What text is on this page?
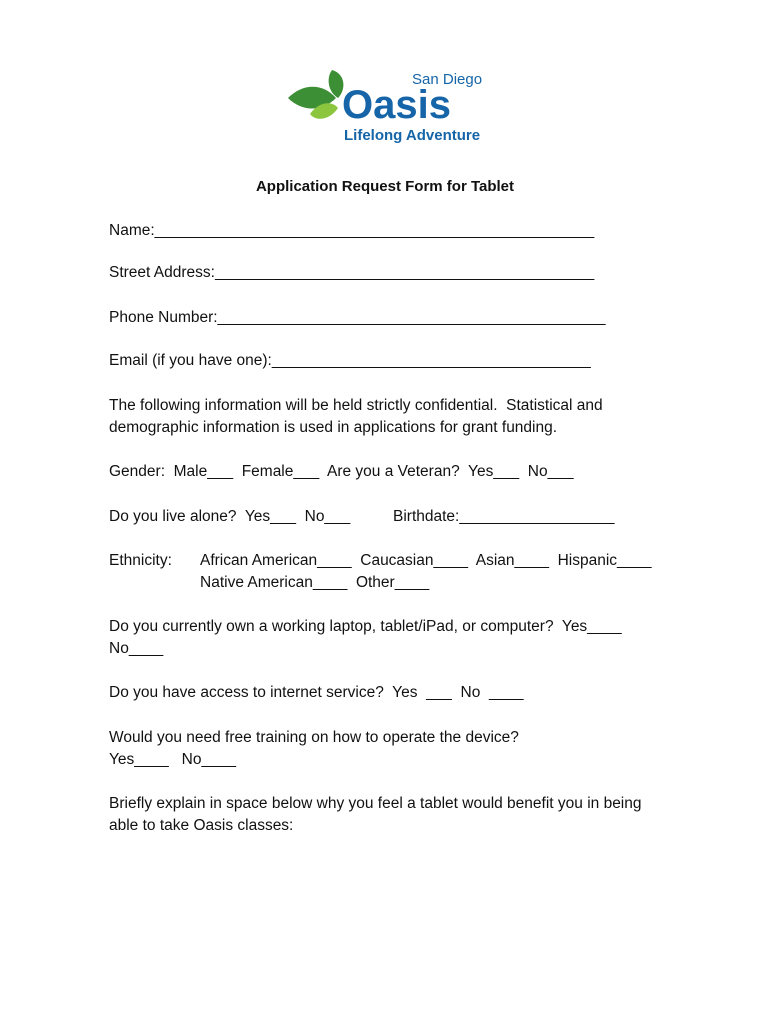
San Diego
Oasis
Lifelong Adventure
Application Request Form for Tablet
Name:___________________________________________________
Street Address:____________________________________________
Phone Number:_____________________________________________
Email (if you have one):_____________________________________
The following information will be held strictly confidential.  Statistical and
demographic information is used in applications for grant funding.
Gender:  Male___  Female___  Are you a Veteran?  Yes___  No___
Do you live alone?  Yes___  No___	Birthdate:__________________
Ethnicity: African American____  Caucasian____  Asian____  Hispanic____
Native American____  Other____
Do you currently own a working laptop, tablet/iPad, or computer?  Yes____
No____
Do you have access to internet service?  Yes  ___  No  ____
Would you need free training on how to operate the device?
Yes____   No____
Briefly explain in space below why you feel a tablet would benefit you in being
able to take Oasis classes:
